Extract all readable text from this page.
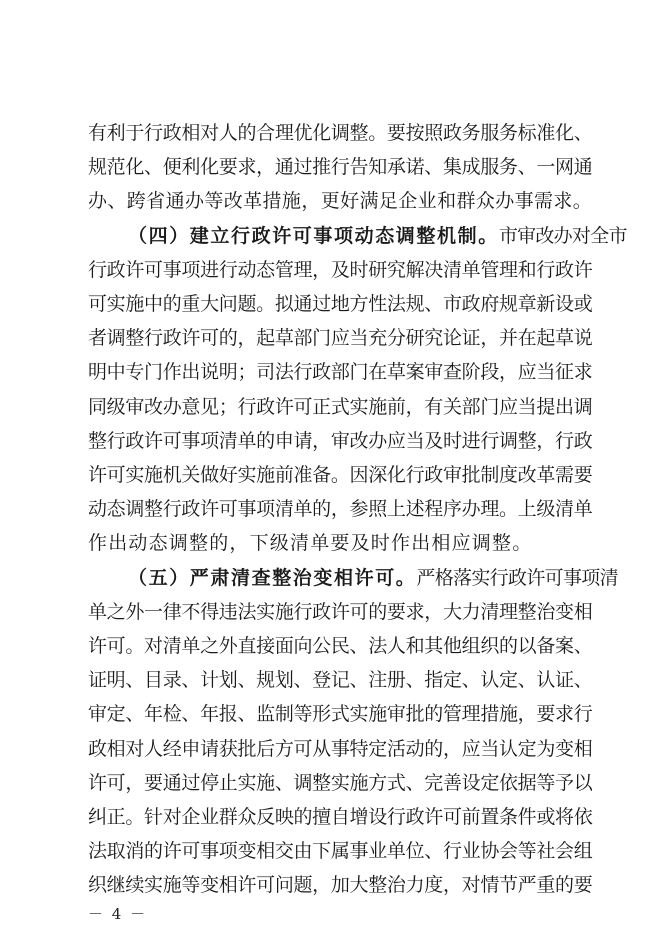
有利于行政相对人的合理优化调整。要按照政务服务标准化、
规范化、便利化要求，通过推行告知承诺、集成服务、一网通
办、跨省通办等改革措施，更好满足企业和群众办事需求。
（四）建立行政许可事项动态调整机制。市审改办对全市
行政许可事项进行动态管理，及时研究解决清单管理和行政许
可实施中的重大问题。拟通过地方性法规、市政府规章新设或
者调整行政许可的，起草部门应当充分研究论证，并在起草说
明中专门作出说明；司法行政部门在草案审查阶段，应当征求
同级审改办意见；行政许可正式实施前，有关部门应当提出调
整行政许可事项清单的申请，审改办应当及时进行调整，行政
许可实施机关做好实施前准备。因深化行政审批制度改革需要
动态调整行政许可事项清单的，参照上述程序办理。上级清单
作出动态调整的，下级清单要及时作出相应调整。
（五）严肃清查整治变相许可。严格落实行政许可事项清
单之外一律不得违法实施行政许可的要求，大力清理整治变相
许可。对清单之外直接面向公民、法人和其他组织的以备案、
证明、目录、计划、规划、登记、注册、指定、认定、认证、
审定、年检、年报、监制等形式实施审批的管理措施，要求行
政相对人经申请获批后方可从事特定活动的，应当认定为变相
许可，要通过停止实施、调整实施方式、完善设定依据等予以
纠正。针对企业群众反映的擅自增设行政许可前置条件或将依
法取消的许可事项变相交由下属事业单位、行业协会等社会组
织继续实施等变相许可问题，加大整治力度，对情节严重的要
－ 4 －
